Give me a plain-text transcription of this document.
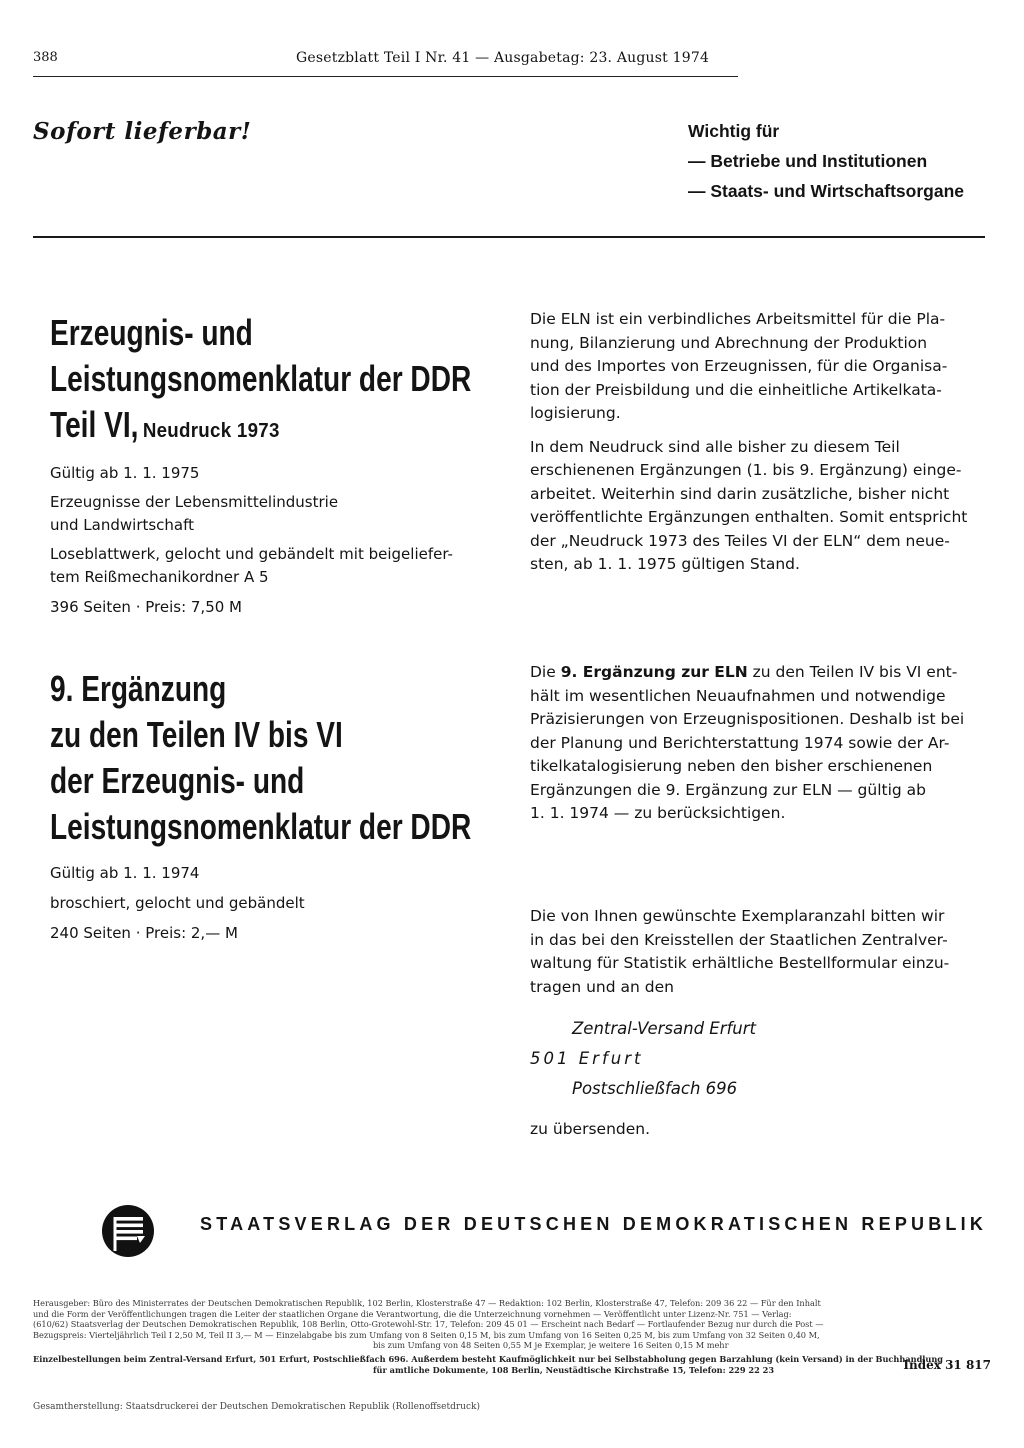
388	Gesetzblatt Teil I Nr. 41 — Ausgabetag: 23. August 1974
Sofort lieferbar!	Wichtig für
— Betriebe und Institutionen
— Staats- und Wirtschaftsorgane
Erzeugnis- und
Leistungsnomenklatur der DDR
Teil VI, Neudruck 1973
Gültig ab 1. 1. 1975
Erzeugnisse der Lebensmittelindustrie
und Landwirtschaft
Loseblattwerk, gelocht und gebändelt mit beigeliefer-
tem Reißmechanikordner A 5
396 Seiten · Preis: 7,50 M
Die ELN ist ein verbindliches Arbeitsmittel für die Pla-
nung, Bilanzierung und Abrechnung der Produktion
und des Importes von Erzeugnissen, für die Organisa-
tion der Preisbildung und die einheitliche Artikelkata-
logisierung.
In dem Neudruck sind alle bisher zu diesem Teil
erschienenen Ergänzungen (1. bis 9. Ergänzung) einge-
arbeitet. Weiterhin sind darin zusätzliche, bisher nicht
veröffentlichte Ergänzungen enthalten. Somit entspricht
der „Neudruck 1973 des Teiles VI der ELN“ dem neue-
sten, ab 1. 1. 1975 gültigen Stand.
9. Ergänzung
zu den Teilen IV bis VI
der Erzeugnis- und
Leistungsnomenklatur der DDR
Gültig ab 1. 1. 1974
broschiert, gelocht und gebändelt
240 Seiten · Preis: 2,— M
Die 9. Ergänzung zur ELN zu den Teilen IV bis VI ent-
hält im wesentlichen Neuaufnahmen und notwendige
Präzisierungen von Erzeugnispositionen. Deshalb ist bei
der Planung und Berichterstattung 1974 sowie der Ar-
tikelkatalogisierung neben den bisher erschienenen
Ergänzungen die 9. Ergänzung zur ELN — gültig ab
1. 1. 1974 — zu berücksichtigen.
Die von Ihnen gewünschte Exemplaranzahl bitten wir
in das bei den Kreisstellen der Staatlichen Zentralver-
waltung für Statistik erhältliche Bestellformular einzu-
tragen und an den
Zentral-Versand Erfurt
501 Erfurt
Postschließfach 696
zu übersenden.
STAATSVERLAG DER DEUTSCHEN DEMOKRATISCHEN REPUBLIK
Herausgeber: Büro des Ministerrates der Deutschen Demokratischen Republik, 102 Berlin, Klosterstraße 47 — Redaktion: 102 Berlin, Klosterstraße 47, Telefon: 209 36 22 — Für den Inhalt
und die Form der Veröffentlichungen tragen die Leiter der staatlichen Organe die Verantwortung, die die Unterzeichnung vornehmen — Veröffentlicht unter Lizenz-Nr. 751 — Verlag:
(610/62) Staatsverlag der Deutschen Demokratischen Republik, 108 Berlin, Otto-Grotewohl-Str. 17, Telefon: 209 45 01 — Erscheint nach Bedarf — Fortlaufender Bezug nur durch die Post —
Bezugspreis: Vierteljährlich Teil I 2,50 M, Teil II 3,— M — Einzelabgabe bis zum Umfang von 8 Seiten 0,15 M, bis zum Umfang von 16 Seiten 0,25 M, bis zum Umfang von 32 Seiten 0,40 M,
bis zum Umfang von 48 Seiten 0,55 M je Exemplar, je weitere 16 Seiten 0,15 M mehr
Einzelbestellungen beim Zentral-Versand Erfurt, 501 Erfurt, Postschließfach 696. Außerdem besteht Kaufmöglichkeit nur bei Selbstabholung gegen Barzahlung (kein Versand) in der Buchhandlung
für amtliche Dokumente, 108 Berlin, Neustädtische Kirchstraße 15, Telefon: 229 22 23	Index 31 817
Gesamtherstellung: Staatsdruckerei der Deutschen Demokratischen Republik (Rollenoffsetdruck)
